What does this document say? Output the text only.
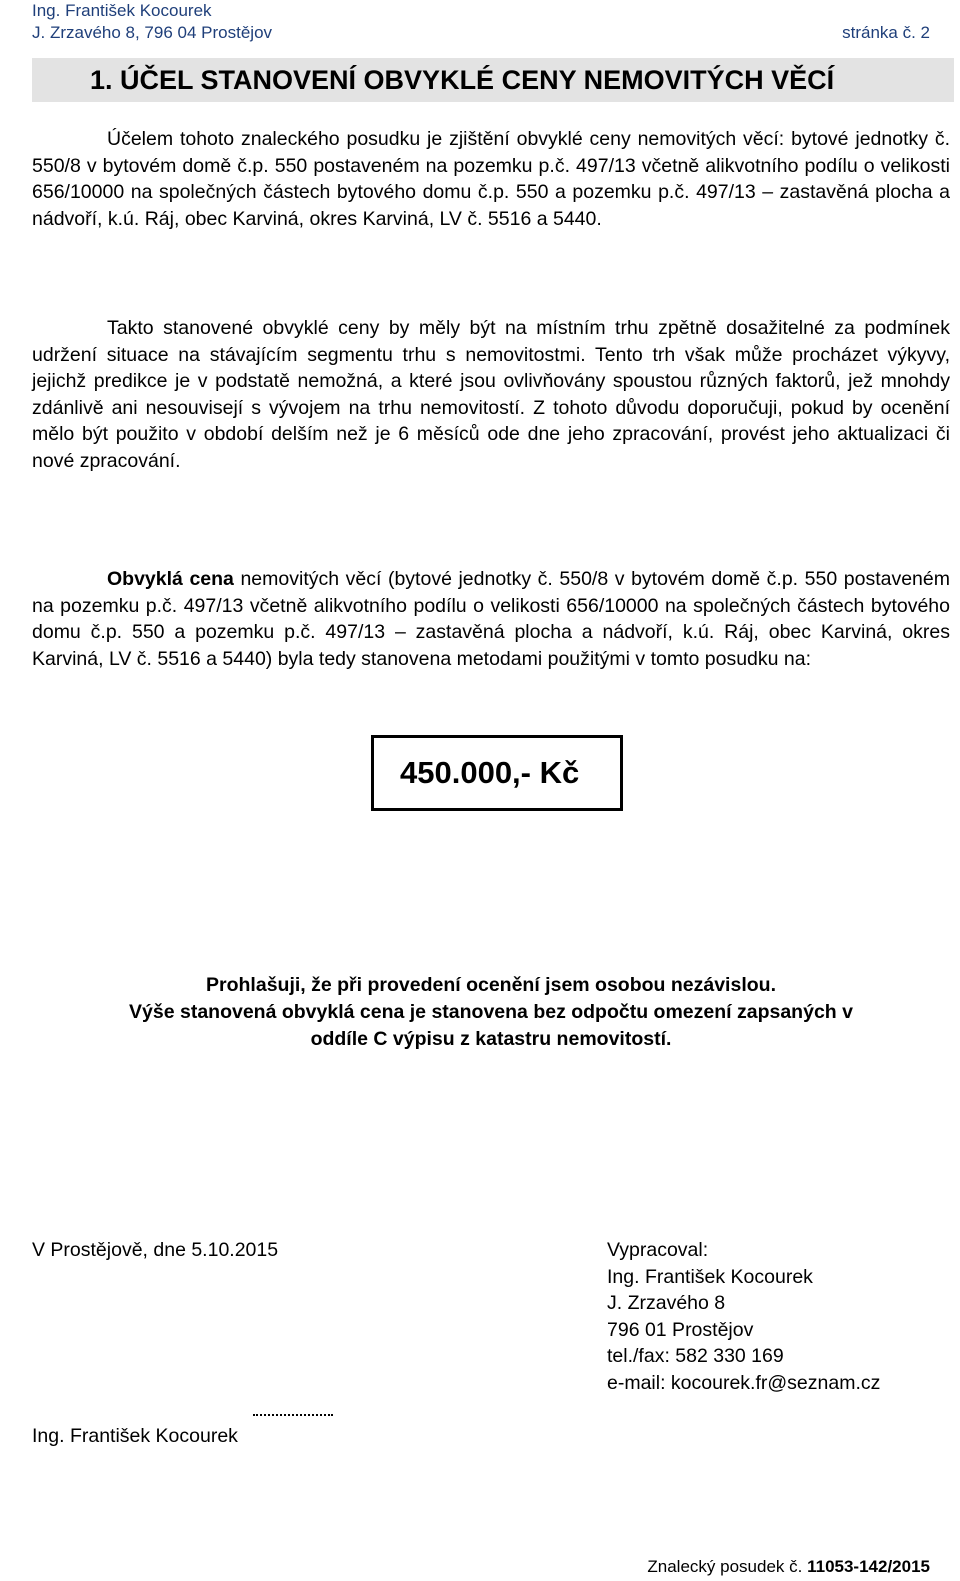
Ing. František Kocourek
J. Zrzavého 8, 796 04 Prostějov	stránka č. 2
1. ÚČEL STANOVENÍ OBVYKLÉ CENY NEMOVITÝCH VĚCÍ

Účelem tohoto znaleckého posudku je zjištění obvyklé ceny nemovitých věcí: bytové jednotky č. 550/8 v bytovém domě č.p. 550 postaveném na pozemku p.č. 497/13 včetně alikvotního podílu o velikosti 656/10000 na společných částech bytového domu č.p. 550 a pozemku p.č. 497/13 – zastavěná plocha a nádvoří, k.ú. Ráj, obec Karviná, okres Karviná, LV č. 5516 a 5440.

Takto stanovené obvyklé ceny by měly být na místním trhu zpětně dosažitelné za podmínek udržení situace na stávajícím segmentu trhu s nemovitostmi. Tento trh však může procházet výkyvy, jejichž predikce je v podstatě nemožná, a které jsou ovlivňovány spoustou různých faktorů, jež mnohdy zdánlivě ani nesouvisejí s vývojem na trhu nemovitostí. Z tohoto důvodu doporučuji, pokud by ocenění mělo být použito v období delším než je 6 měsíců ode dne jeho zpracování, provést jeho aktualizaci či nové zpracování.

Obvyklá cena nemovitých věcí (bytové jednotky č. 550/8 v bytovém domě č.p. 550 postaveném na pozemku p.č. 497/13 včetně alikvotního podílu o velikosti 656/10000 na společných částech bytového domu č.p. 550 a pozemku p.č. 497/13 – zastavěná plocha a nádvoří, k.ú. Ráj, obec Karviná, okres Karviná, LV č. 5516 a 5440) byla tedy stanovena metodami použitými v tomto posudku na:

450.000,- Kč
Prohlašuji, že při provedení ocenění jsem osobou nezávislou.
Výše stanovená obvyklá cena je stanovena bez odpočtu omezení zapsaných v
oddíle C výpisu z katastru nemovitostí.
V Prostějově, dne 5.10.2015	Vypracoval:
Ing. František Kocourek
J. Zrzavého 8
796 01 Prostějov
tel./fax: 582 330 169
e-mail: kocourek.fr@seznam.cz
Ing. František Kocourek
Znalecký posudek č. 11053-142/2015
